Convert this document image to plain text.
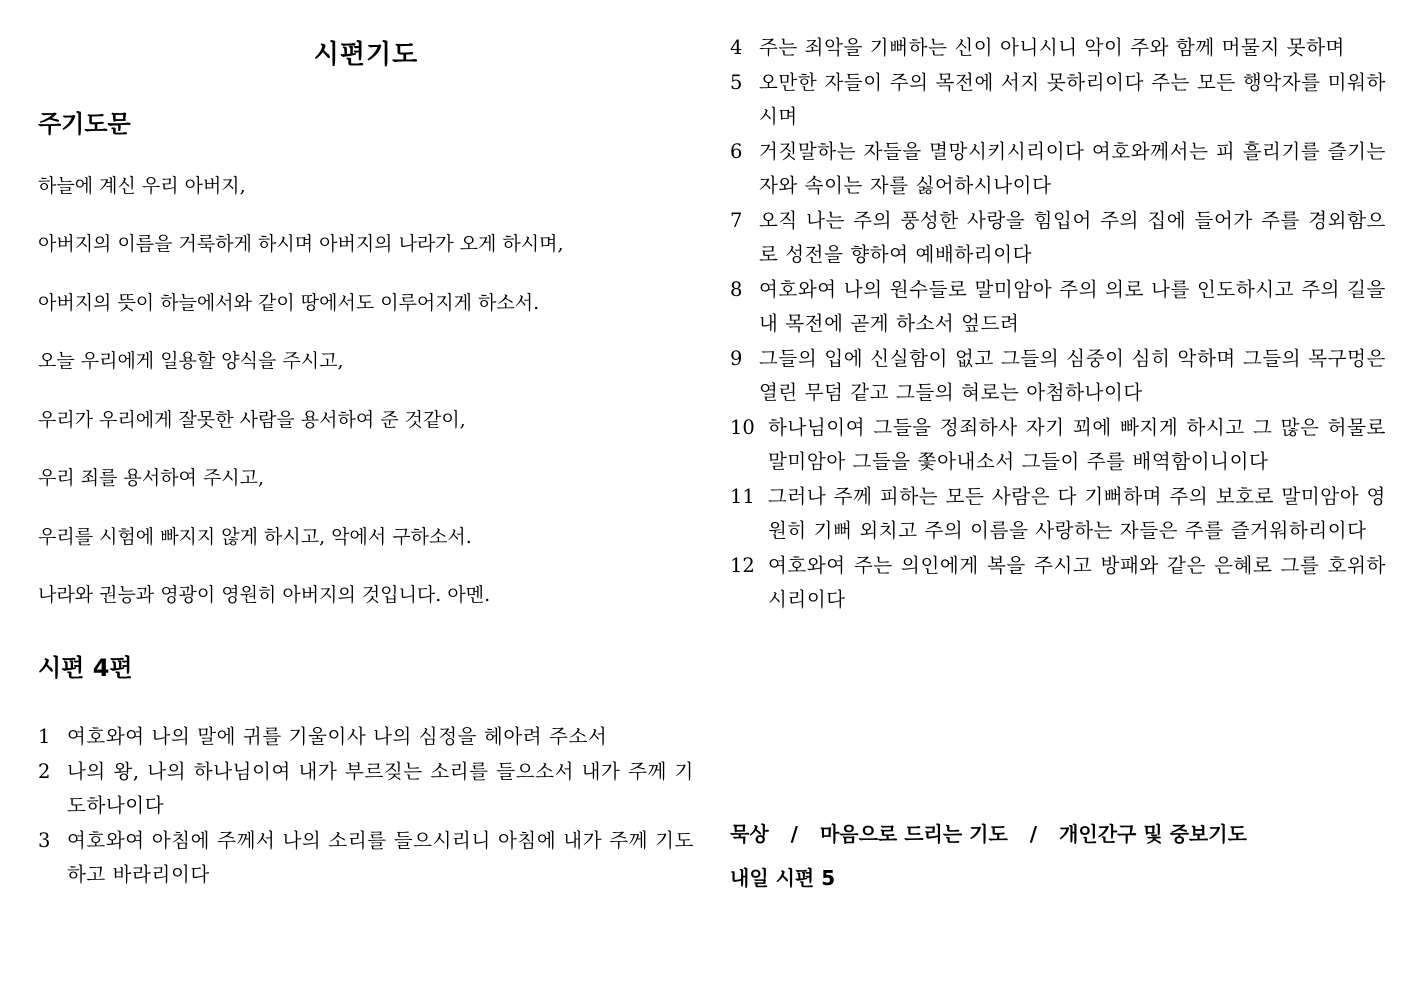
시편기도
주기도문
하늘에 계신 우리 아버지,
아버지의 이름을 거룩하게 하시며 아버지의 나라가 오게 하시며,
아버지의 뜻이 하늘에서와 같이 땅에서도 이루어지게 하소서.
오늘 우리에게 일용할 양식을 주시고,
우리가 우리에게 잘못한 사람을 용서하여 준 것같이,
우리 죄를 용서하여 주시고,
우리를 시험에 빠지지 않게 하시고, 악에서 구하소서.
나라와 권능과 영광이 영원히 아버지의 것입니다. 아멘.
시편 4편
1 여호와여 나의 말에 귀를 기울이사 나의 심정을 헤아려 주소서
2 나의 왕, 나의 하나님이여 내가 부르짖는 소리를 들으소서 내가 주께 기도하나이다
3 여호와여 아침에 주께서 나의 소리를 들으시리니 아침에 내가 주께 기도하고 바라리이다
4 주는 죄악을 기뻐하는 신이 아니시니 악이 주와 함께 머물지 못하며
5 오만한 자들이 주의 목전에 서지 못하리이다 주는 모든 행악자를 미워하시며
6 거짓말하는 자들을 멸망시키시리이다 여호와께서는 피 흘리기를 즐기는 자와 속이는 자를 싫어하시나이다
7 오직 나는 주의 풍성한 사랑을 힘입어 주의 집에 들어가 주를 경외함으로 성전을 향하여 예배하리이다
8 여호와여 나의 원수들로 말미암아 주의 의로 나를 인도하시고 주의 길을 내 목전에 곧게 하소서 엎드려
9 그들의 입에 신실함이 없고 그들의 심중이 심히 악하며 그들의 목구멍은 열린 무덤 같고 그들의 혀로는 아첨하나이다
10 하나님이여 그들을 정죄하사 자기 꾀에 빠지게 하시고 그 많은 허물로 말미암아 그들을 쫓아내소서 그들이 주를 배역함이니이다
11 그러나 주께 피하는 모든 사람은 다 기뻐하며 주의 보호로 말미암아 영원히 기뻐 외치고 주의 이름을 사랑하는 자들은 주를 즐거워하리이다
12 여호와여 주는 의인에게 복을 주시고 방패와 같은 은혜로 그를 호위하시리이다
묵상 / 마음으로 드리는 기도 / 개인간구 및 중보기도
내일 시편 5
